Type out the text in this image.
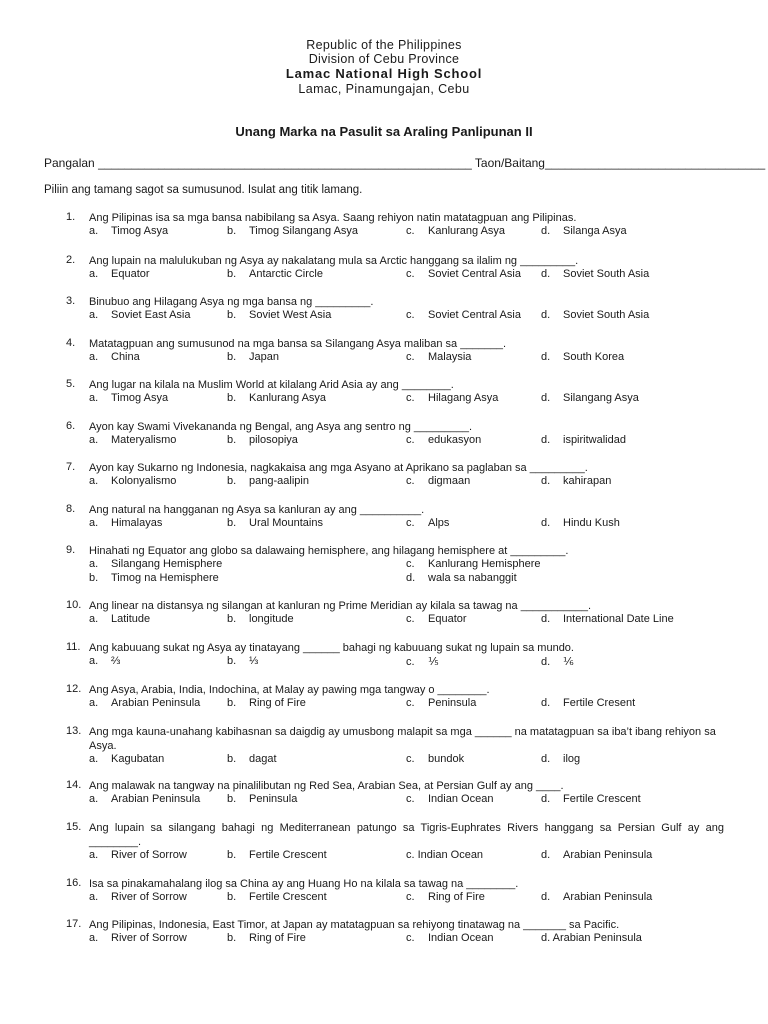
Republic of the Philippines
Division of Cebu Province
Lamac National High School
Lamac, Pinamungajan, Cebu
Unang Marka na Pasulit sa Araling Panlipunan II
Pangalan ________________________________________________________ Taon/Baitang_________________________________
Piliin ang tamang sagot sa sumusunod. Isulat ang titik lamang.
1.	Ang Pilipinas isa sa mga bansa nabibilang sa Asya. Saang rehiyon natin matatagpuan ang Pilipinas.
a. Timog Asya	b. Timog Silangang Asya	c. Kanlurang Asya	d. Silanga Asya
2.	Ang lupain na malulukuban ng Asya ay nakalatang mula sa Arctic hanggang sa ilalim ng _________.
a. Equator	b. Antarctic Circle	c. Soviet Central Asia d. Soviet South Asia
3.	Binubuo ang Hilagang Asya ng mga bansa ng _________.
a. Soviet East Asia	b. Soviet West Asia	c. Soviet Central Asia d. Soviet South Asia
4.	Matatagpuan ang sumusunod na mga bansa sa Silangang Asya maliban sa _______.
a. China	b. Japan	c. Malaysia	d. South Korea
5.	Ang lugar na kilala na Muslim World at kilalang Arid Asia ay ang ________.
a. Timog Asya	b. Kanlurang Asya	c. Hilagang Asya	d. Silangang Asya
6.	Ayon kay Swami Vivekananda ng Bengal, ang Asya ang sentro ng _________.
a. Materyalismo	b. pilosopiya	c. edukasyon	d. ispiritwalidad
7.	Ayon kay Sukarno ng Indonesia, nagkakaisa ang mga Asyano at Aprikano sa paglaban sa _________.
a. Kolonyalismo	b. pang-aalipin	c. digmaan	d. kahirapan
8.	Ang natural na hangganan ng Asya sa kanluran ay ang __________.
a. Himalayas	b. Ural Mountains	c. Alps	d. Hindu Kush
9.	Hinahati ng Equator ang globo sa dalawaing hemisphere, ang hilagang hemisphere at _________.
a. Silangang Hemisphere	c. Kanlurang Hemisphere
b. Timog na Hemisphere	d. wala sa nabanggit
10. Ang linear na distansya ng silangan at kanluran ng Prime Meridian ay kilala sa tawag na ___________.
a. Latitude	b. longitude	c. Equator	d. International Date Line
11. Ang kabuuang sukat ng Asya ay tinatayang ______ bahagi ng kabuuang sukat ng lupain sa mundo.
a. ⅔	b. ⅓	c. ⅕	d. ⅙
12. Ang Asya, Arabia, India, Indochina, at Malay ay pawing mga tangway o ________.
a. Arabian Peninsula b. Ring of Fire	c. Peninsula	d. Fertile Cresent
13. Ang mga kauna-unahang kabihasnan sa daigdig ay umusbong malapit sa mga ______ na matatagpuan sa iba’t ibang rehiyon sa Asya.
a. Kagubatan	b. dagat	c. bundok	d. ilog
14. Ang malawak na tangway na pinalilibutan ng Red Sea, Arabian Sea, at Persian Gulf ay ang ____.
a. Arabian Peninsula b. Peninsula	c. Indian Ocean	d. Fertile Crescent
15. Ang lupain sa silangang bahagi ng Mediterranean patungo sa Tigris-Euphrates Rivers hanggang sa Persian Gulf ay ang ________.
a. River of Sorrow	b. Fertile Crescent	c. Indian Ocean	d. Arabian Peninsula
16. Isa sa pinakamahalang ilog sa China ay ang Huang Ho na kilala sa tawag na ________.
a. River of Sorrow	b. Fertile Crescent	c. Ring of Fire	d. Arabian Peninsula
17. Ang Pilipinas, Indonesia, East Timor, at Japan ay matatagpuan sa rehiyong tinatawag na _______ sa Pacific.
a. River of Sorrow	b. Ring of Fire	c. Indian Ocean	d. Arabian Peninsula
